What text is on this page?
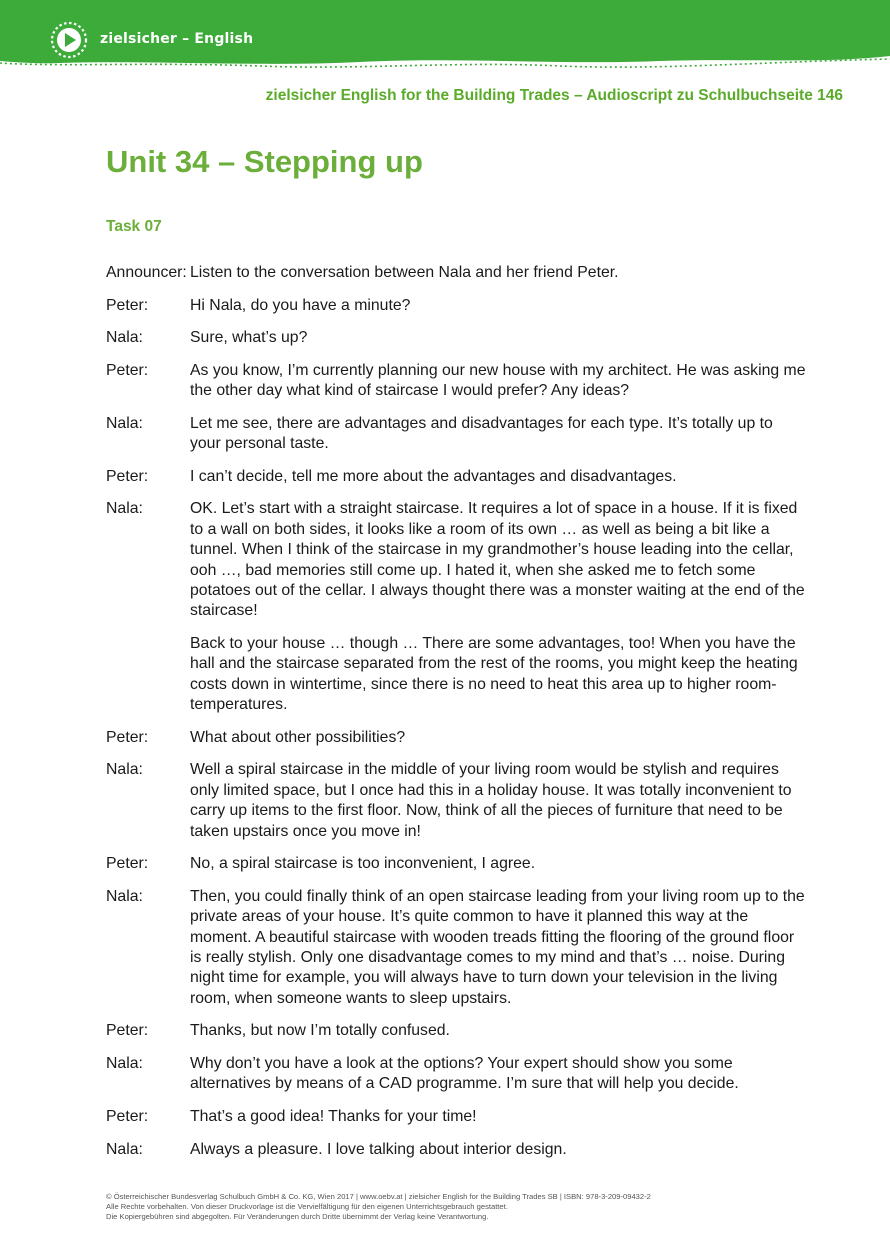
zielsicher – English
zielsicher English for the Building Trades – Audioscript zu Schulbuchseite 146
Unit 34 – Stepping up
Task 07
Announcer: Listen to the conversation between Nala and her friend Peter.

Peter:	Hi Nala, do you have a minute?

Nala:	Sure, what’s up?

Peter:	As you know, I’m currently planning our new house with my architect. He was asking me the other day what kind of staircase I would prefer? Any ideas?

Nala:	Let me see, there are advantages and disadvantages for each type. It’s totally up to your personal taste.

Peter:	I can’t decide, tell me more about the advantages and disadvantages.

Nala:	OK. Let’s start with a straight staircase. It requires a lot of space in a house. If it is fixed to a wall on both sides, it looks like a room of its own … as well as being a bit like a tunnel. When I think of the staircase in my grandmother’s house leading into the cellar, ooh …, bad memories still come up. I hated it, when she asked me to fetch some potatoes out of the cellar. I always thought there was a monster waiting at the end of the staircase!

Back to your house … though … There are some advantages, too! When you have the hall and the staircase separated from the rest of the rooms, you might keep the heating costs down in wintertime, since there is no need to heat this area up to higher room-temperatures.

Peter:	What about other possibilities?

Nala:	Well a spiral staircase in the middle of your living room would be stylish and requires only limited space, but I once had this in a holiday house. It was totally inconvenient to carry up items to the first floor. Now, think of all the pieces of furniture that need to be taken upstairs once you move in!

Peter:	No, a spiral staircase is too inconvenient, I agree.

Nala:	Then, you could finally think of an open staircase leading from your living room up to the private areas of your house. It’s quite common to have it planned this way at the moment. A beautiful staircase with wooden treads fitting the flooring of the ground floor is really stylish. Only one disadvantage comes to my mind and that’s … noise. During night time for example, you will always have to turn down your television in the living room, when someone wants to sleep upstairs.

Peter:	Thanks, but now I’m totally confused.

Nala:	Why don’t you have a look at the options? Your expert should show you some alternatives by means of a CAD programme. I’m sure that will help you decide.

Peter:	That’s a good idea! Thanks for your time!

Nala:	Always a pleasure. I love talking about interior design.

© Österreichischer Bundesverlag Schulbuch GmbH & Co. KG, Wien 2017 | www.oebv.at | zielsicher English for the Building Trades SB | ISBN: 978-3-209-09432-2
Alle Rechte vorbehalten. Von dieser Druckvorlage ist die Vervielfältigung für den eigenen Unterrichtsgebrauch gestattet.
Die Kopiergebühren sind abgegolten. Für Veränderungen durch Dritte übernimmt der Verlag keine Verantwortung.
